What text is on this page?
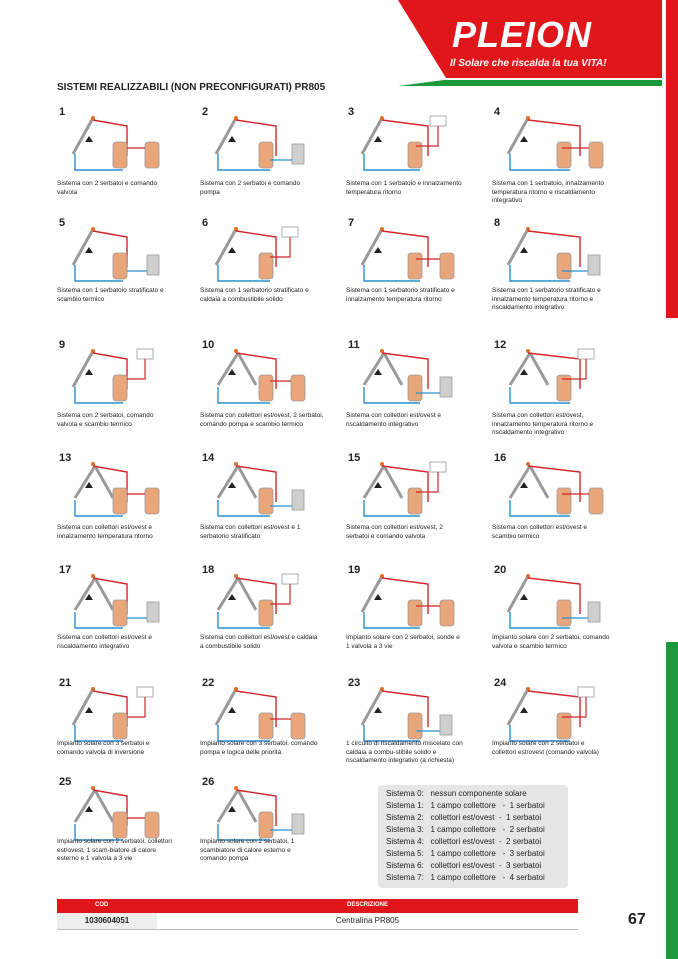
PLEION
Il Solare che riscalda la tua VITA!
SISTEMI REALIZZABILI (NON PRECONFIGURATI) PR805
1
Sistema con 2 serbatoi e comando valvola
2
Sistema con 2 serbatoi e comando pompa
3
Sistema con 1 serbatoio e innalzamento temperatura ritorno
4
Sistema con 1 serbatoio, innalzamento temperatura ritorno e riscaldamento integrativo
5
Sistema con 1 serbatoio stratificato e scambio termico
6
Sistema con 1 serbatorio stratificato e caldaia a combustibile solido
7
Sistema con 1 serbatorio stratificato e innalzamento temperatura ritorno
8
Sistema con 1 serbatorio stratificato e innalzamento temperatura ritorno e riscaldamento integrativo
9
Sistema con 2 serbatoi, comando valvola e scambio termico
10
Sistema con collettori est/ovest, 2 serbatoi, comando pompa e scambio termico
11
Sistema con collettori est/ovest e riscaldamento integrativo
12
Sistema con collettori est/ovest, innalzamento temperatura ritorno e riscaldamento integrativo
13
Sistema con collettori est/ovest e innalzamento temperatura ritorno
14
Sistema con collettori est/ovest e 1 serbatorio stratificato
15
Sistema con collettori est/ovest, 2 serbatoi e comando valvola
16
Sistema con collettori est/ovest e scambio termico
17
Sistema con collettori est/ovest e riscaldamento integrativo
18
Sistema con collettori est/ovest e caldaia a combustibile solido
19
Impianto solare con 2 serbatoi, sonde e 1 valvola a 3 vie
20
Impianto solare con 2 serbatoi, comando valvola e scambio termico
21
Impianto solare con 3 serbatoi e comando valvola di inversione
22
Impianto solare con 3 serbatoi, comando pompa e logica delle priorità
23
1 circuito di riscaldamento miscelato con caldaia a combu-stibile solido e riscaldamento integrativo (a richiesta)
24
Impianto solare con 2 serbatoi e collettori est/ovest (comando valvola)
25
Impianto solare con 2 serbatoi, collettori est/ovest, 1 scam-biatore di calore esterno e 1 valvola a 3 vie
26
Impianto solare con 2 serbatoi, 1 scambiatore di calore esterno e comando pompa
Sistema 0:   nessun componente solare
Sistema 1:   1 campo collettore   -  1 serbatoi
Sistema 2:   collettori est/ovest  -  1 serbatoi
Sistema 3:   1 campo collettore   -  2 serbatoi
Sistema 4:   collettori est/ovest  -  2 serbatoi
Sistema 5:   1 campo collettore   -  3 serbatoi
Sistema 6:   collettori est/ovest  -  3 serbatoi
Sistema 7:   1 campo collettore   -  4 serbatoi
COD	DESCRIZIONE
1030604051	Centralina PR805	67
